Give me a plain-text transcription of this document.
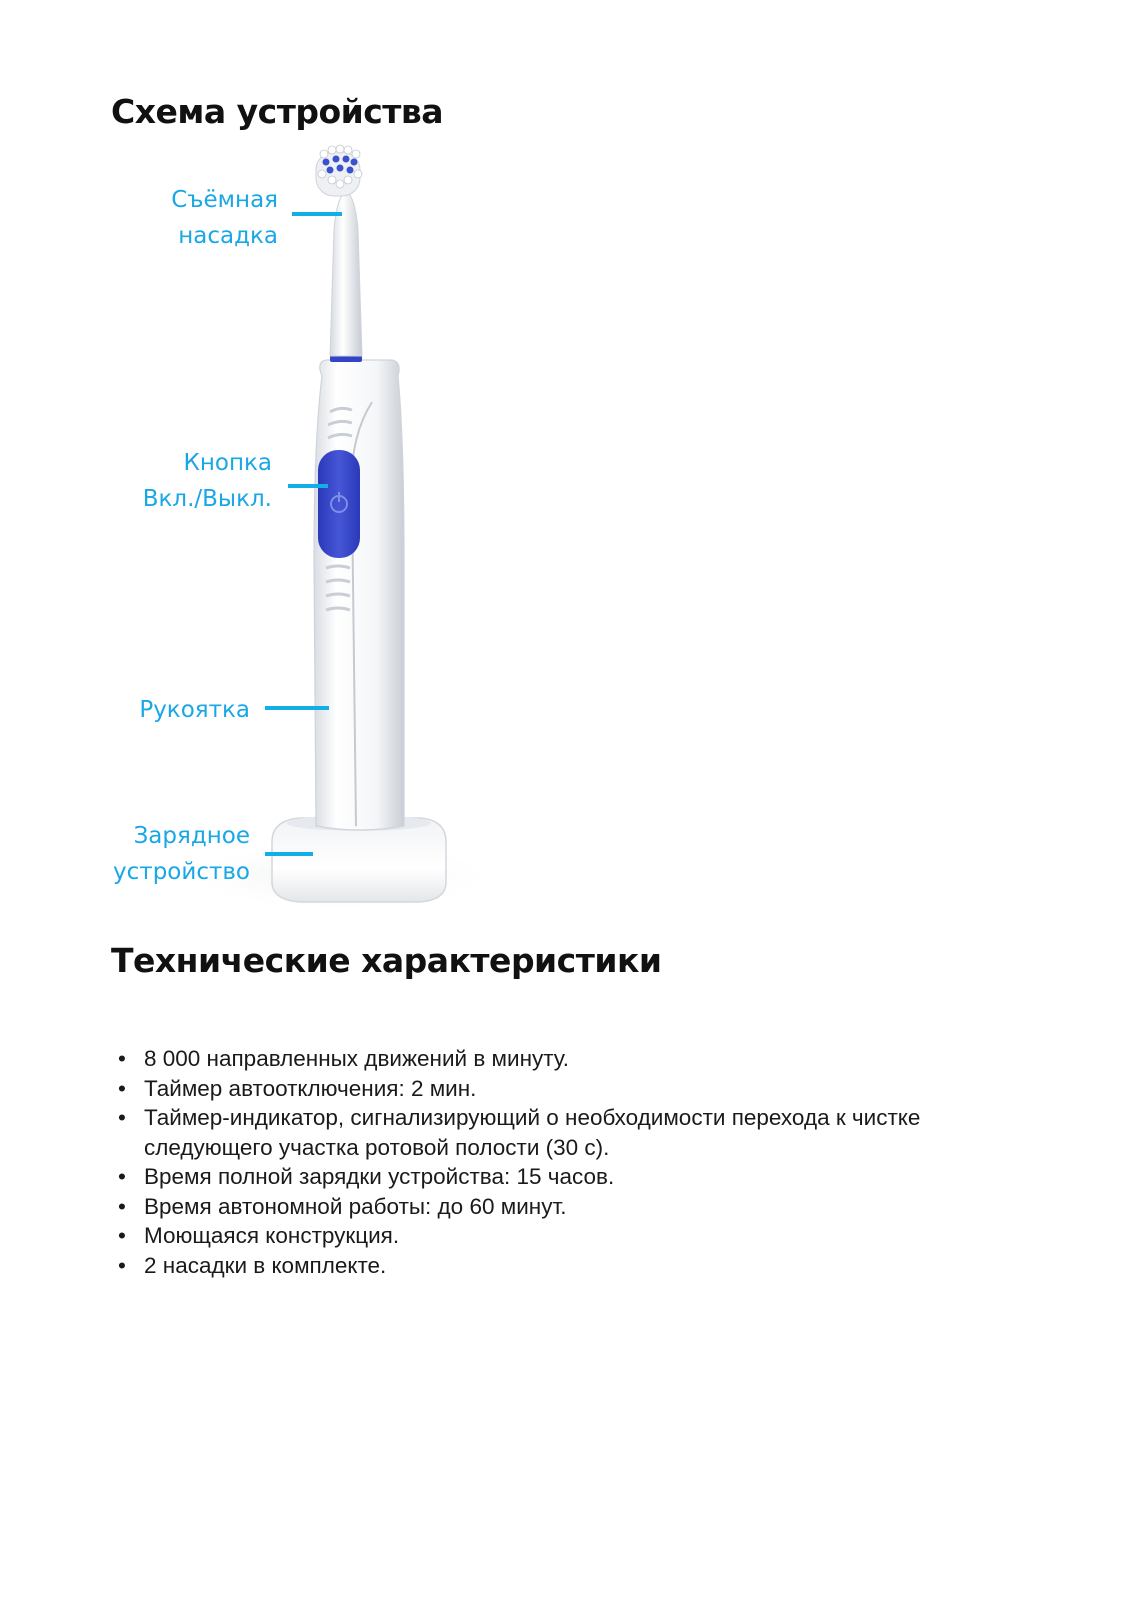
Схема устройства
Съёмная
насадка
Кнопка
Вкл./Выкл.
Рукоятка
Зарядное
устройство
Технические характеристики
• 8 000 направленных движений в минуту.
• Таймер автоотключения: 2 мин.
• Таймер-индикатор, сигнализирующий о необходимости перехода к чистке следующего участка ротовой полости (30 с).
• Время полной зарядки устройства: 15 часов.
• Время автономной работы: до 60 минут.
• Моющаяся конструкция.
• 2 насадки в комплекте.
